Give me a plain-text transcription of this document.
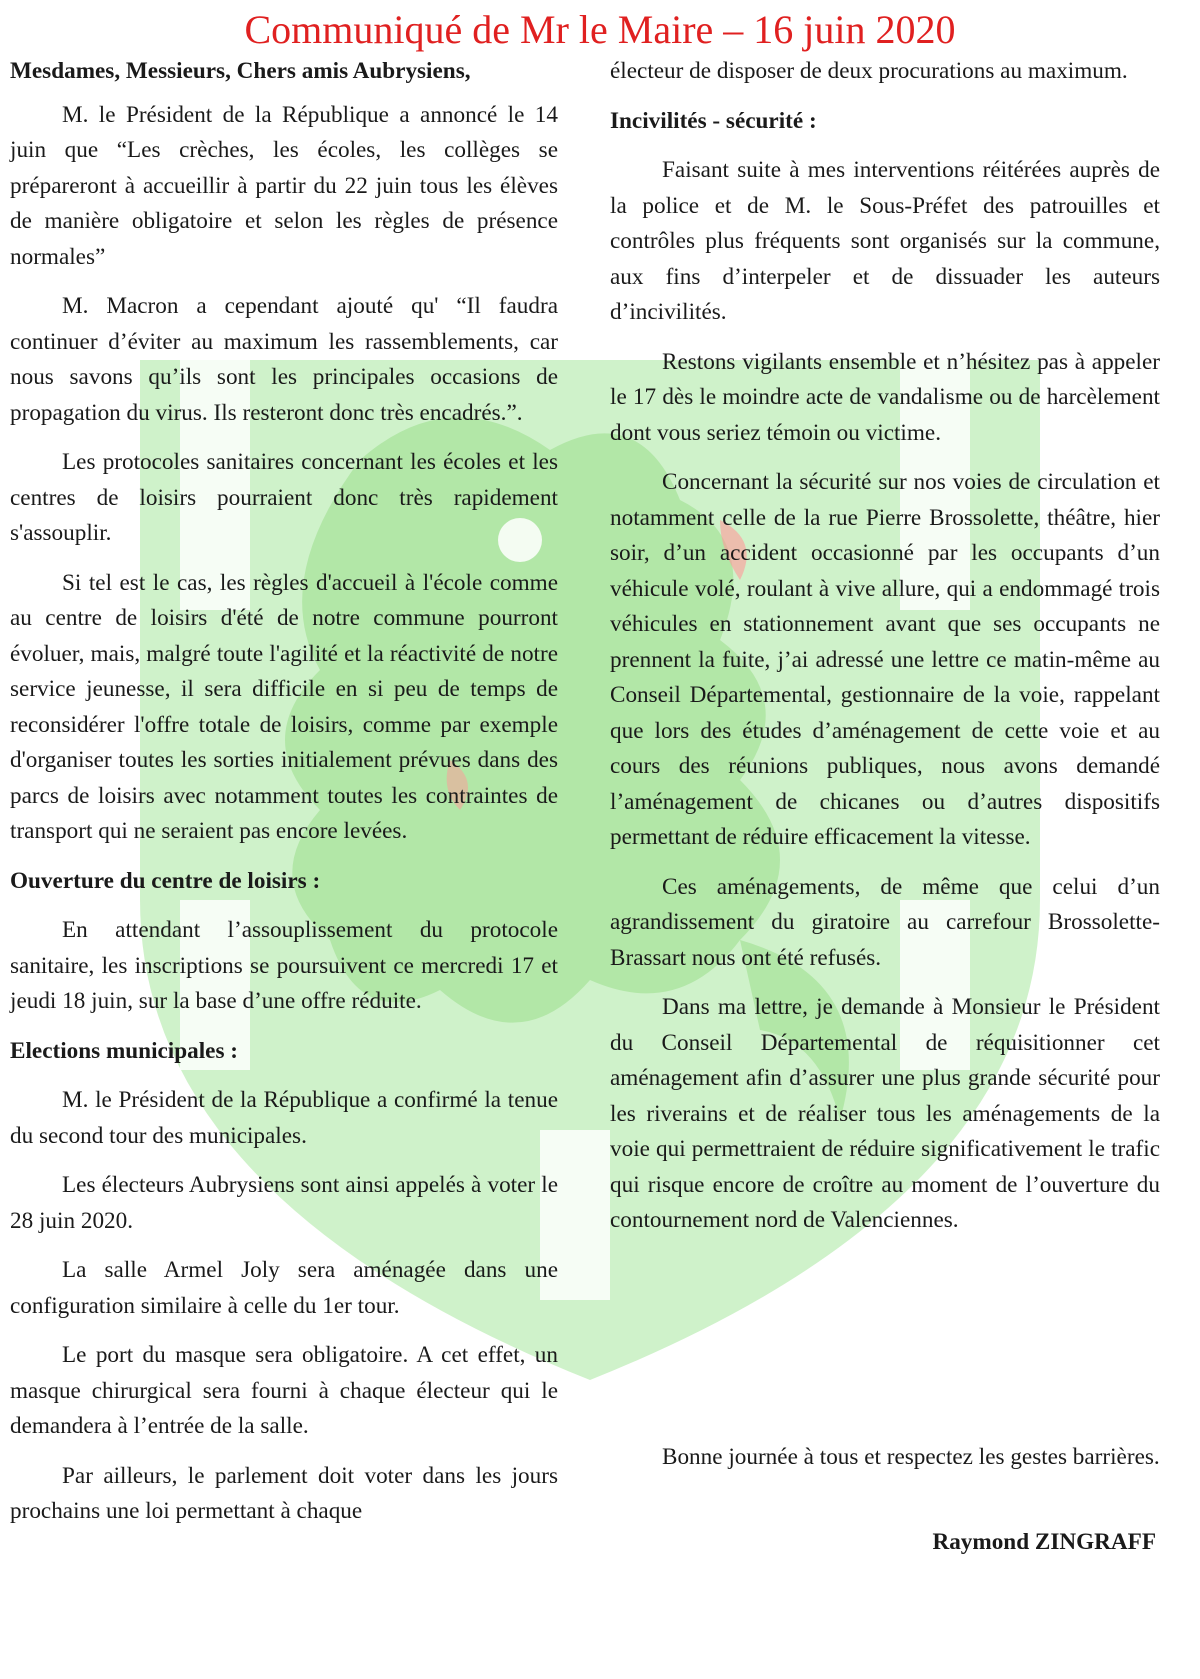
Communiqué de Mr le Maire – 16 juin 2020

Mesdames, Messieurs, Chers amis Aubrysiens,

M. le Président de la République a annoncé le 14 juin que “Les crèches, les écoles, les collèges se prépareront à accueillir à partir du 22 juin tous les élèves de manière obligatoire et selon les règles de présence normales”

M. Macron a cependant ajouté qu' “Il faudra continuer d’éviter au maximum les rassemblements, car nous savons qu’ils sont les principales occasions de propagation du virus. Ils resteront donc très encadrés.”.

Les protocoles sanitaires concernant les écoles et les centres de loisirs pourraient donc très rapidement s'assouplir.

Si tel est le cas, les règles d'accueil à l'école comme au centre de loisirs d'été de notre commune pourront évoluer, mais, malgré toute l'agilité et la réactivité de notre service jeunesse, il sera difficile en si peu de temps de reconsidérer l'offre totale de loisirs, comme par exemple d'organiser toutes les sorties initialement prévues dans des parcs de loisirs avec notamment toutes les contraintes de transport qui ne seraient pas encore levées.

Ouverture du centre de loisirs :

En attendant l’assouplissement du protocole sanitaire, les inscriptions se poursuivent ce mercredi 17 et jeudi 18 juin, sur la base d’une offre réduite.

Elections municipales :

M. le Président de la République a confirmé la tenue du second tour des municipales.

Les électeurs Aubrysiens sont ainsi appelés à voter le 28 juin 2020.

La salle Armel Joly sera aménagée dans une configuration similaire à celle du 1er tour.

Le port du masque sera obligatoire. A cet effet, un masque chirurgical sera fourni à chaque électeur qui le demandera à l’entrée de la salle.

Par ailleurs, le parlement doit voter dans les jours prochains une loi permettant à chaque

électeur de disposer de deux procurations au maximum.

Incivilités - sécurité :

Faisant suite à mes interventions réitérées auprès de la police et de M. le Sous-Préfet des patrouilles et contrôles plus fréquents sont organisés sur la commune, aux fins d’interpeler et de dissuader les auteurs d’incivilités.

Restons vigilants ensemble et n’hésitez pas à appeler le 17 dès le moindre acte de vandalisme ou de harcèlement dont vous seriez témoin ou victime.

Concernant la sécurité sur nos voies de circulation et notamment celle de la rue Pierre Brossolette, théâtre, hier soir, d’un accident occasionné par les occupants d’un véhicule volé, roulant à vive allure, qui a endommagé trois véhicules en stationnement avant que ses occupants ne prennent la fuite, j’ai adressé une lettre ce matin-même au Conseil Départemental, gestionnaire de la voie, rappelant que lors des études d’aménagement de cette voie et au cours des réunions publiques, nous avons demandé l’aménagement de chicanes ou d’autres dispositifs permettant de réduire efficacement la vitesse.

Ces aménagements, de même que celui d’un agrandissement du giratoire au carrefour Brossolette-Brassart nous ont été refusés.

Dans ma lettre, je demande à Monsieur le Président du Conseil Départemental de réquisitionner cet aménagement afin d’assurer une plus grande sécurité pour les riverains et de réaliser tous les aménagements de la voie qui permettraient de réduire significativement le trafic qui risque encore de croître au moment de l’ouverture du contournement nord de Valenciennes.

Bonne journée à tous et respectez les gestes barrières.

Raymond ZINGRAFF
